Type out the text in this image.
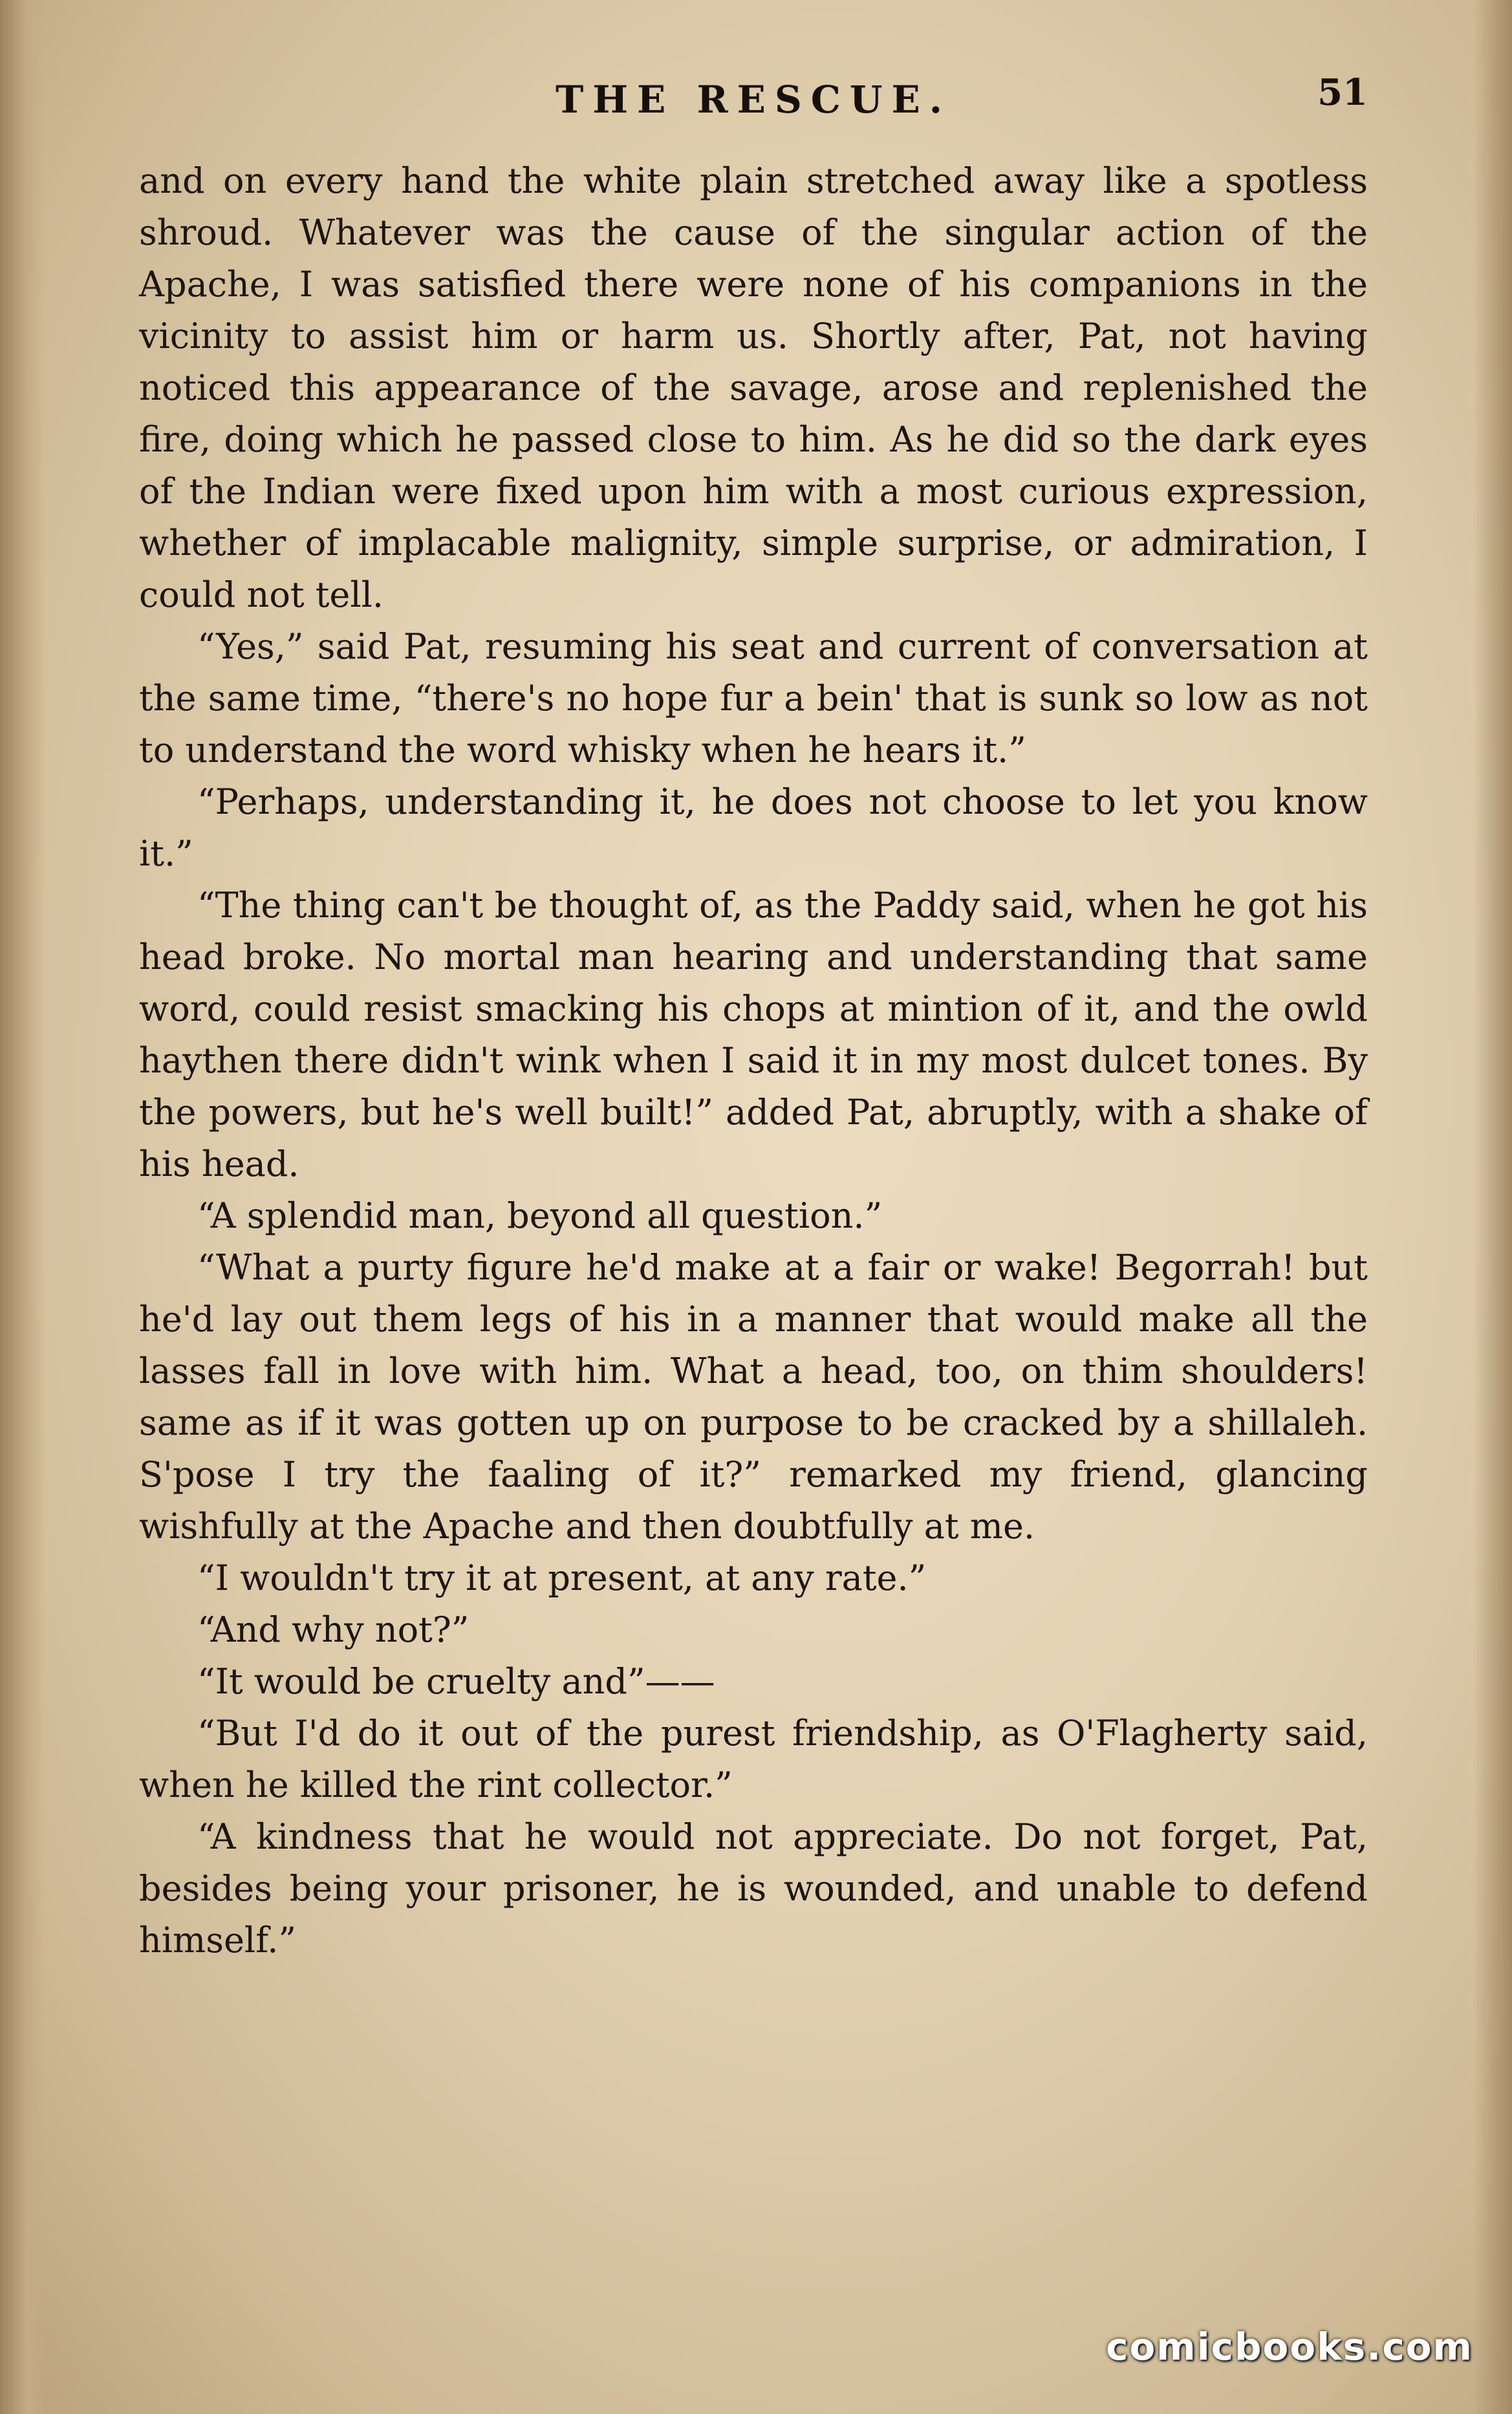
THE RESCUE.	51

and on every hand the white plain stretched away like a spotless shroud. Whatever was the cause of the singular action of the Apache, I was satisfied there were none of his companions in the vicinity to assist him or harm us. Shortly after, Pat, not having noticed this appearance of the savage, arose and replenished the fire, doing which he passed close to him. As he did so the dark eyes of the Indian were fixed upon him with a most curious expression, whether of implacable malignity, simple surprise, or admiration, I could not tell.

“Yes,” said Pat, resuming his seat and current of conversation at the same time, “there's no hope fur a bein' that is sunk so low as not to understand the word whisky when he hears it.”

“Perhaps, understanding it, he does not choose to let you know it.”

“The thing can't be thought of, as the Paddy said, when he got his head broke. No mortal man hearing and understanding that same word, could resist smacking his chops at mintion of it, and the owld haythen there didn't wink when I said it in my most dulcet tones. By the powers, but he's well built!” added Pat, abruptly, with a shake of his head.

“A splendid man, beyond all question.”

“What a purty figure he'd make at a fair or wake! Begorrah! but he'd lay out them legs of his in a manner that would make all the lasses fall in love with him. What a head, too, on thim shoulders! same as if it was gotten up on purpose to be cracked by a shillaleh. S'pose I try the faaling of it?” remarked my friend, glancing wishfully at the Apache and then doubtfully at me.

“I wouldn't try it at present, at any rate.”

“And why not?”

“It would be cruelty and”——

“But I'd do it out of the purest friendship, as O'Flagherty said, when he killed the rint collector.”

“A kindness that he would not appreciate. Do not forget, Pat, besides being your prisoner, he is wounded, and unable to defend himself.”

comicbooks.com
